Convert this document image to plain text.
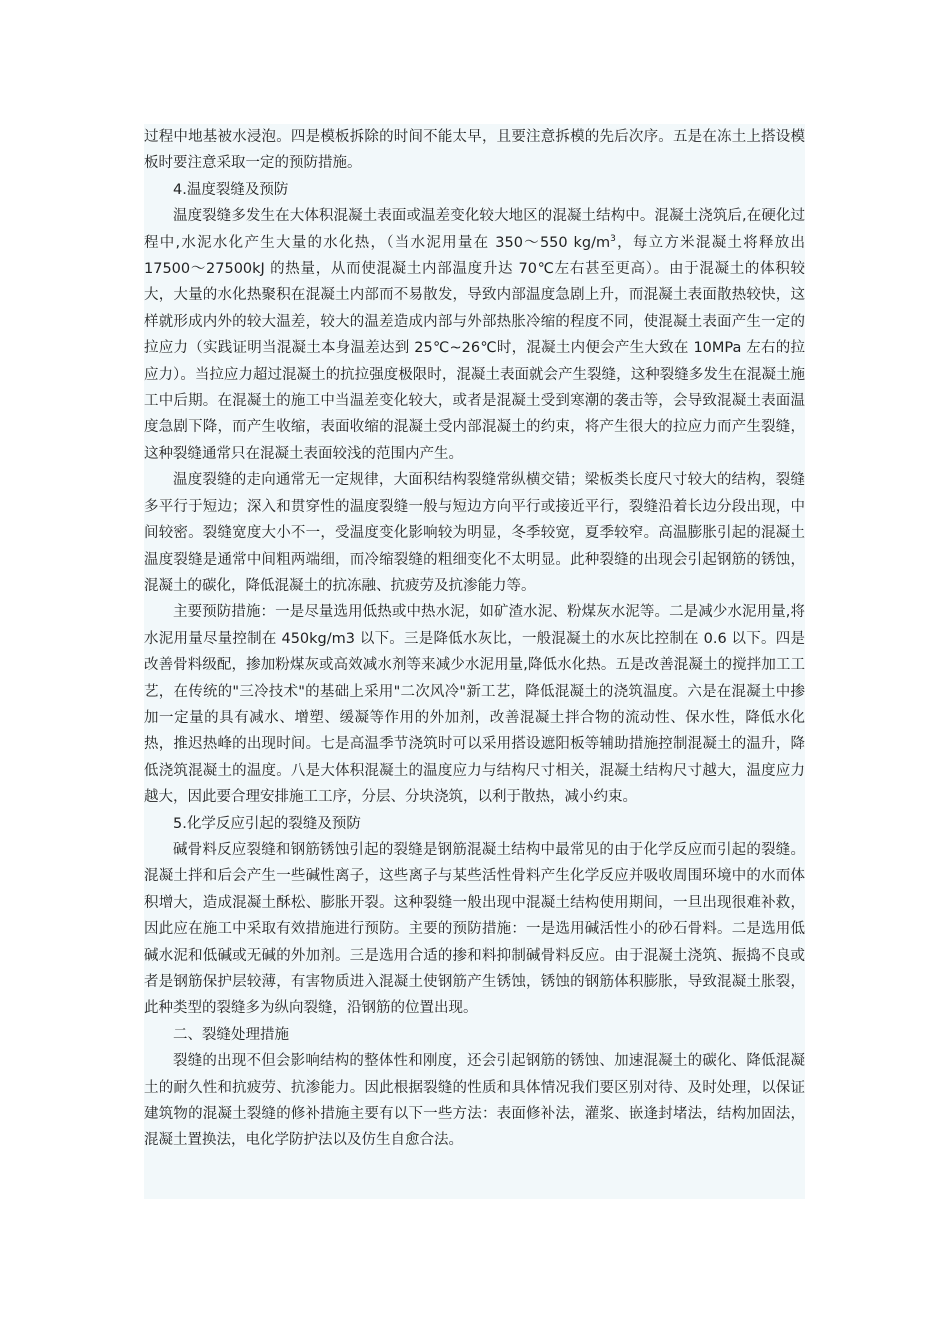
过程中地基被水浸泡。四是模板拆除的时间不能太早，且要注意拆模的先后次序。五是在冻土上搭设模板时要注意采取一定的预防措施。

4.温度裂缝及预防

温度裂缝多发生在大体积混凝土表面或温差变化较大地区的混凝土结构中。混凝土浇筑后,在硬化过程中,水泥水化产生大量的水化热，（当水泥用量在 350～550 $kg/m^3$，每立方米混凝土将释放出 17500～27500kJ 的热量，从而使混凝土内部温度升达 70℃左右甚至更高）。由于混凝土的体积较大，大量的水化热聚积在混凝土内部而不易散发，导致内部温度急剧上升，而混凝土表面散热较快，这样就形成内外的较大温差，较大的温差造成内部与外部热胀冷缩的程度不同，使混凝土表面产生一定的拉应力（实践证明当混凝土本身温差达到 25℃~26℃时，混凝土内便会产生大致在 10MPa 左右的拉应力）。当拉应力超过混凝土的抗拉强度极限时，混凝土表面就会产生裂缝，这种裂缝多发生在混凝土施工中后期。在混凝土的施工中当温差变化较大，或者是混凝土受到寒潮的袭击等，会导致混凝土表面温度急剧下降，而产生收缩，表面收缩的混凝土受内部混凝土的约束，将产生很大的拉应力而产生裂缝，这种裂缝通常只在混凝土表面较浅的范围内产生。

温度裂缝的走向通常无一定规律，大面积结构裂缝常纵横交错；梁板类长度尺寸较大的结构，裂缝多平行于短边；深入和贯穿性的温度裂缝一般与短边方向平行或接近平行，裂缝沿着长边分段出现，中间较密。裂缝宽度大小不一，受温度变化影响较为明显，冬季较宽，夏季较窄。高温膨胀引起的混凝土温度裂缝是通常中间粗两端细，而冷缩裂缝的粗细变化不太明显。此种裂缝的出现会引起钢筋的锈蚀，混凝土的碳化，降低混凝土的抗冻融、抗疲劳及抗渗能力等。

主要预防措施：一是尽量选用低热或中热水泥，如矿渣水泥、粉煤灰水泥等。二是减少水泥用量,将水泥用量尽量控制在 450kg/m3 以下。三是降低水灰比，一般混凝土的水灰比控制在 0.6 以下。四是改善骨料级配，掺加粉煤灰或高效减水剂等来减少水泥用量,降低水化热。五是改善混凝土的搅拌加工工艺，在传统的"三冷技术"的基础上采用"二次风冷"新工艺，降低混凝土的浇筑温度。六是在混凝土中掺加一定量的具有减水、增塑、缓凝等作用的外加剂，改善混凝土拌合物的流动性、保水性，降低水化热，推迟热峰的出现时间。七是高温季节浇筑时可以采用搭设遮阳板等辅助措施控制混凝土的温升，降低浇筑混凝土的温度。八是大体积混凝土的温度应力与结构尺寸相关，混凝土结构尺寸越大，温度应力越大，因此要合理安排施工工序，分层、分块浇筑，以利于散热，减小约束。

5.化学反应引起的裂缝及预防

碱骨料反应裂缝和钢筋锈蚀引起的裂缝是钢筋混凝土结构中最常见的由于化学反应而引起的裂缝。混凝土拌和后会产生一些碱性离子，这些离子与某些活性骨料产生化学反应并吸收周围环境中的水而体积增大，造成混凝土酥松、膨胀开裂。这种裂缝一般出现中混凝土结构使用期间，一旦出现很难补救，因此应在施工中采取有效措施进行预防。主要的预防措施：一是选用碱活性小的砂石骨料。二是选用低碱水泥和低碱或无碱的外加剂。三是选用合适的掺和料抑制碱骨料反应。由于混凝土浇筑、振捣不良或者是钢筋保护层较薄，有害物质进入混凝土使钢筋产生锈蚀，锈蚀的钢筋体积膨胀，导致混凝土胀裂，此种类型的裂缝多为纵向裂缝，沿钢筋的位置出现。

二、裂缝处理措施

裂缝的出现不但会影响结构的整体性和刚度，还会引起钢筋的锈蚀、加速混凝土的碳化、降低混凝土的耐久性和抗疲劳、抗渗能力。因此根据裂缝的性质和具体情况我们要区别对待、及时处理，以保证建筑物的混凝土裂缝的修补措施主要有以下一些方法：表面修补法，灌浆、嵌逢封堵法，结构加固法，混凝土置换法，电化学防护法以及仿生自愈合法。
